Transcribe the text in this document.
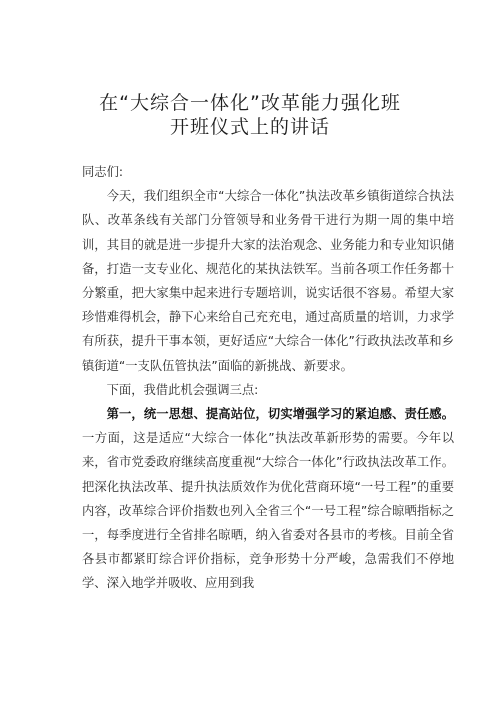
在“大综合一体化”改革能力强化班
开班仪式上的讲话

同志们:

今天，我们组织全市“大综合一体化”执法改革乡镇街道综合执法队、改革条线有关部门分管领导和业务骨干进行为期一周的集中培训，其目的就是进一步提升大家的法治观念、业务能力和专业知识储备，打造一支专业化、规范化的某执法铁军。当前各项工作任务都十分繁重，把大家集中起来进行专题培训，说实话很不容易。希望大家珍惜难得机会，静下心来给自己充充电，通过高质量的培训，力求学有所获，提升干事本领，更好适应“大综合一体化”行政执法改革和乡镇街道“一支队伍管执法”面临的新挑战、新要求。

下面，我借此机会强调三点:

第一，统一思想、提高站位，切实增强学习的紧迫感、责任感。一方面，这是适应“大综合一体化”执法改革新形势的需要。今年以来，省市党委政府继续高度重视“大综合一体化”行政执法改革工作。把深化执法改革、提升执法质效作为优化营商环境“一号工程”的重要内容，改革综合评价指数也列入全省三个“一号工程”综合晾晒指标之一，每季度进行全省排名晾晒，纳入省委对各县市的考核。目前全省各县市都紧盯综合评价指标，竞争形势十分严峻，急需我们不停地学、深入地学并吸收、应用到我
